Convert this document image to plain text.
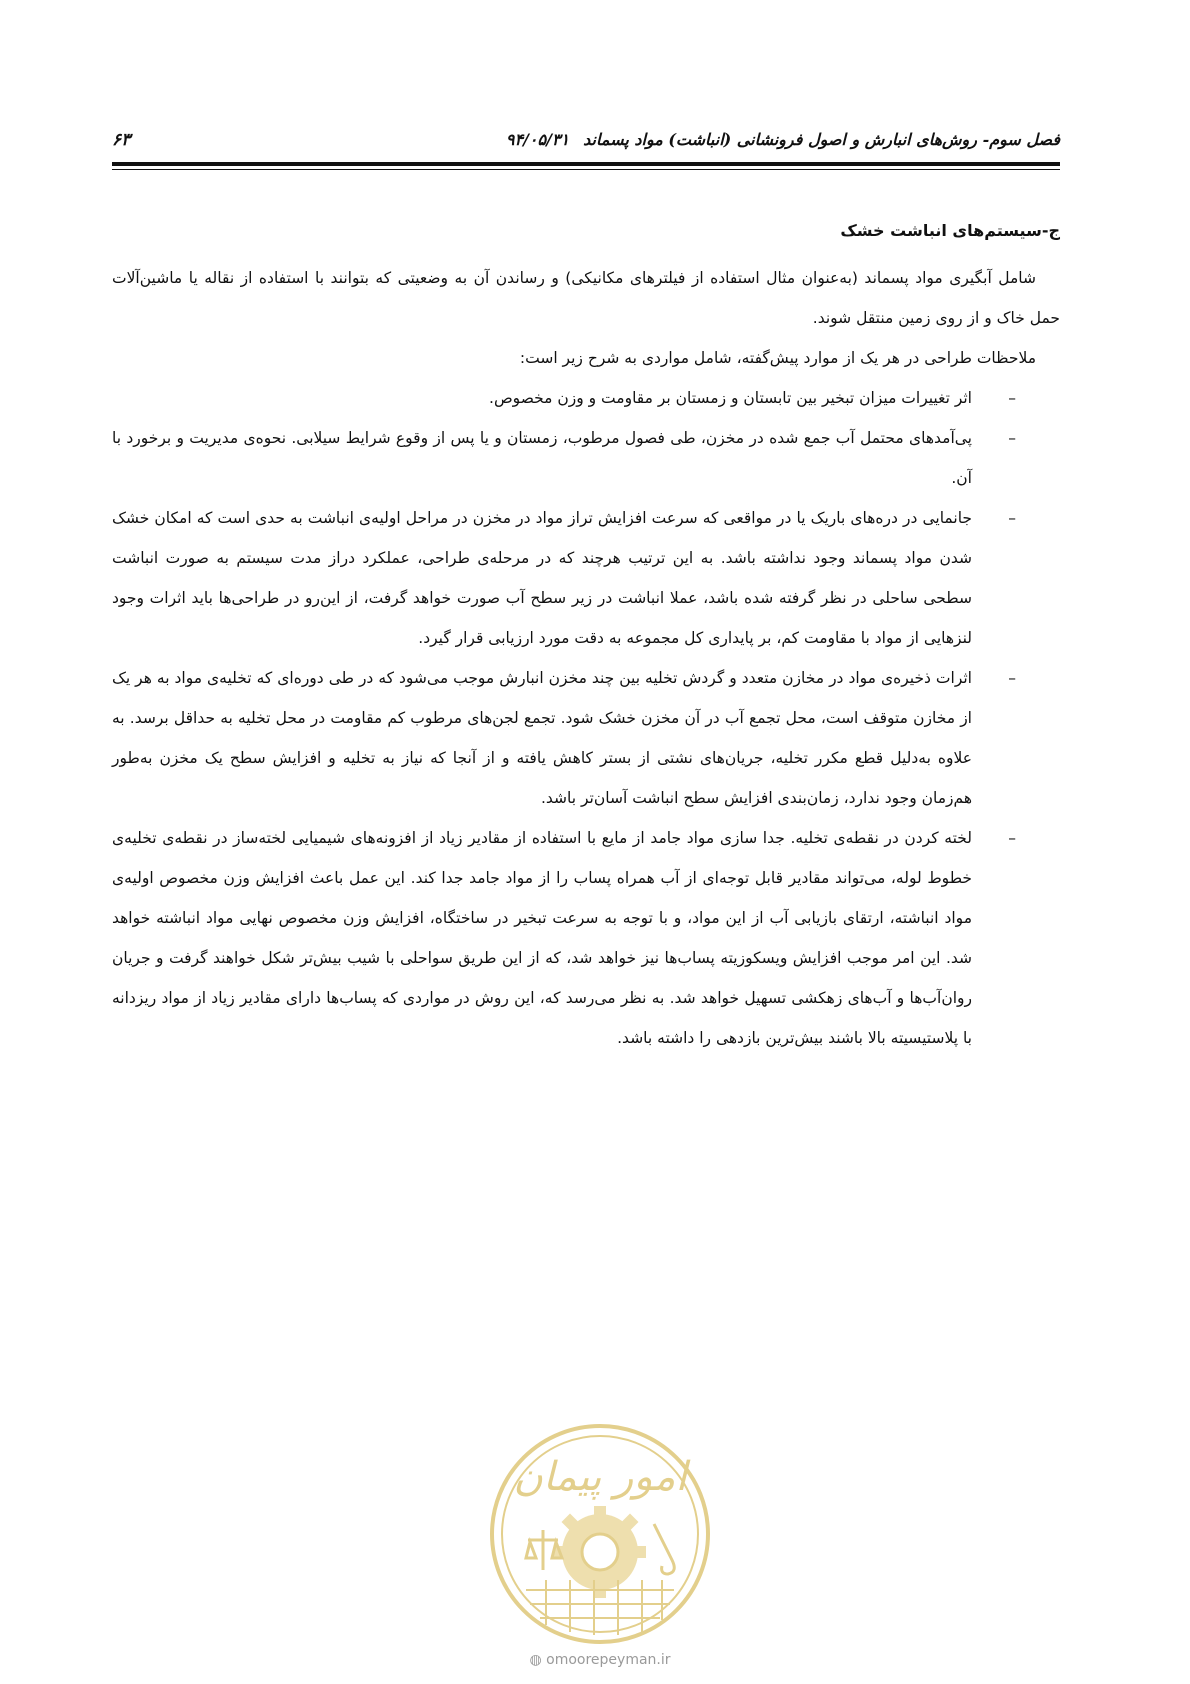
فصل سوم- روش‌های انبارش و اصول فرونشانی (انباشت) مواد پسماند۹۴/۰۵/۳۱
۶۳
ج-سیستم‌های انباشت خشک

شامل آبگیری مواد پسماند (به‌عنوان مثال استفاده از فیلترهای مکانیکی) و رساندن آن به وضعیتی که بتوانند با استفاده از نقاله یا ماشین‌آلات حمل خاک و از روی زمین منتقل شوند.

ملاحظات طراحی در هر یک از موارد پیش‌گفته، شامل مواردی به شرح زیر است:

–
اثر تغییرات میزان تبخیر بین تابستان و زمستان بر مقاومت و وزن مخصوص.
–
پی‌آمدهای محتمل آب جمع شده در مخزن، طی فصول مرطوب، زمستان و یا پس از وقوع شرایط سیلابی. نحوه‌ی مدیریت و برخورد با آن.
–
جانمایی در دره‌های باریک یا در مواقعی که سرعت افزایش تراز مواد در مخزن در مراحل اولیه‌ی انباشت به حدی است که امکان خشک شدن مواد پسماند وجود نداشته باشد. به این ترتیب هرچند که در مرحله‌ی طراحی، عملکرد دراز مدت سیستم به صورت انباشت سطحی ساحلی در نظر گرفته شده باشد، عملا انباشت در زیر سطح آب صورت خواهد گرفت، از این‌رو در طراحی‌ها باید اثرات وجود لنزهایی از مواد با مقاومت کم، بر پایداری کل مجموعه به دقت مورد ارزیابی قرار گیرد.
–
اثرات ذخیره‌ی مواد در مخازن متعدد و گردش تخلیه بین چند مخزن انبارش موجب می‌شود که در طی دوره‌ای که تخلیه‌ی مواد به هر یک از مخازن متوقف است، محل تجمع آب در آن مخزن خشک شود. تجمع لجن‌های مرطوب کم مقاومت در محل تخلیه به حداقل برسد. به علاوه به‌دلیل قطع مکرر تخلیه، جریان‌های نشتی از بستر کاهش یافته و از آنجا که نیاز به تخلیه و افزایش سطح یک مخزن به‌طور هم‌زمان وجود ندارد، زمان‌بندی افزایش سطح انباشت آسان‌تر باشد.
–
لخته کردن در نقطه‌ی تخلیه. جدا سازی مواد جامد از مایع با استفاده از مقادیر زیاد از افزونه‌های شیمیایی لخته‌ساز در نقطه‌ی تخلیه‌ی خطوط لوله، می‌تواند مقادیر قابل توجه‌ای از آب همراه پساب را از مواد جامد جدا کند. این عمل باعث افزایش وزن مخصوص اولیه‌ی مواد انباشته، ارتقای بازیابی آب از این مواد، و با توجه به سرعت تبخیر در ساختگاه، افزایش وزن مخصوص نهایی مواد انباشته خواهد شد. این امر موجب افزایش ویسکوزیته پساب‌ها نیز خواهد شد، که از این طریق سواحلی با شیب بیش‌تر شکل خواهند گرفت و جریان روان‌آب‌ها و آب‌های زهکشی تسهیل خواهد شد. به نظر می‌رسد که، این روش در مواردی که پساب‌ها دارای مقادیر زیاد از مواد ریزدانه با پلاستیسیته بالا باشند بیش‌ترین بازدهی را داشته باشد.
امور پیمان
◍ omoorepeyman.ir
